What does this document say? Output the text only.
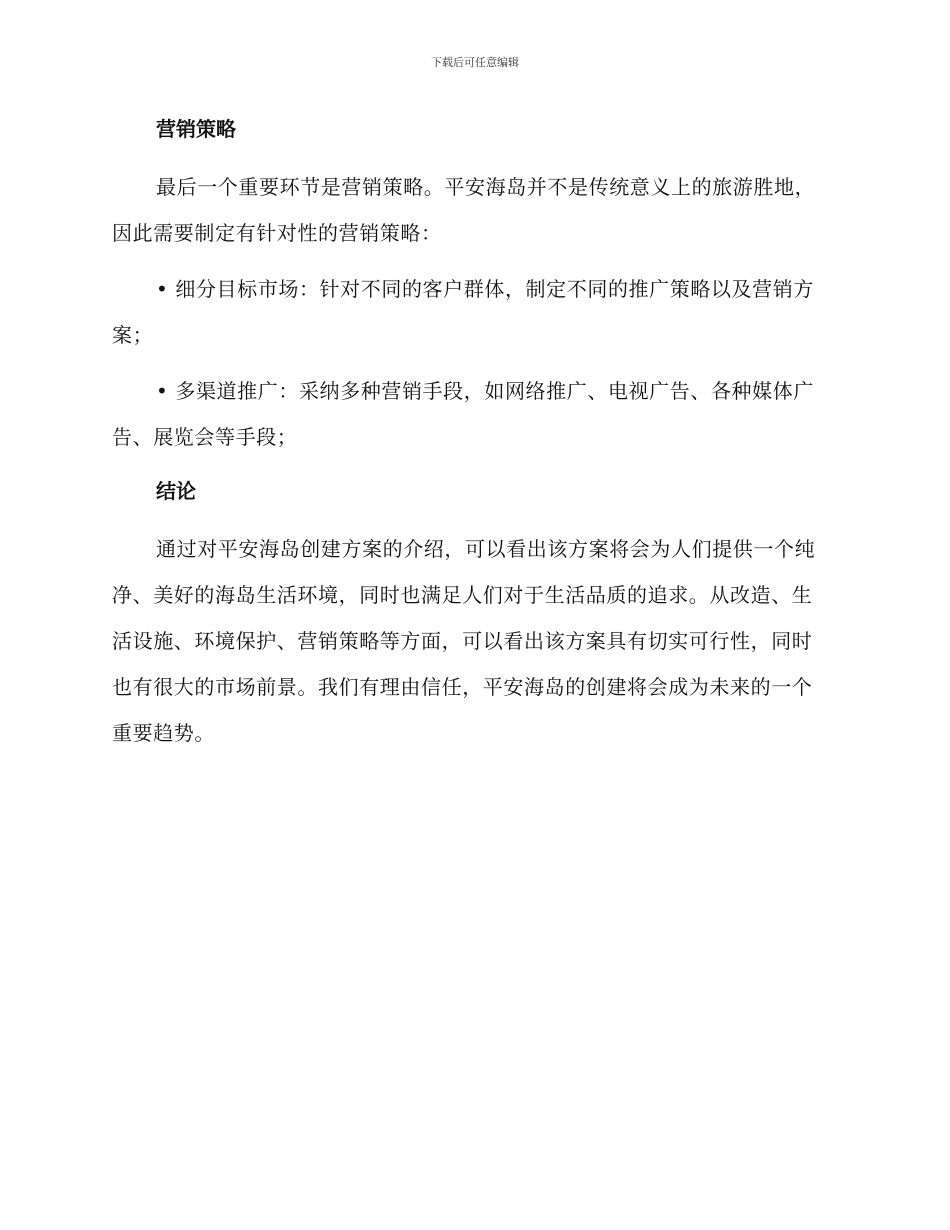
下载后可任意编辑
营销策略

最后一个重要环节是营销策略。平安海岛并不是传统意义上的旅游胜地，因此需要制定有针对性的营销策略：

• 细分目标市场：针对不同的客户群体，制定不同的推广策略以及营销方案；

• 多渠道推广：采纳多种营销手段，如网络推广、电视广告、各种媒体广告、展览会等手段；

结论

通过对平安海岛创建方案的介绍，可以看出该方案将会为人们提供一个纯净、美好的海岛生活环境，同时也满足人们对于生活品质的追求。从改造、生活设施、环境保护、营销策略等方面，可以看出该方案具有切实可行性，同时也有很大的市场前景。我们有理由信任，平安海岛的创建将会成为未来的一个重要趋势。
